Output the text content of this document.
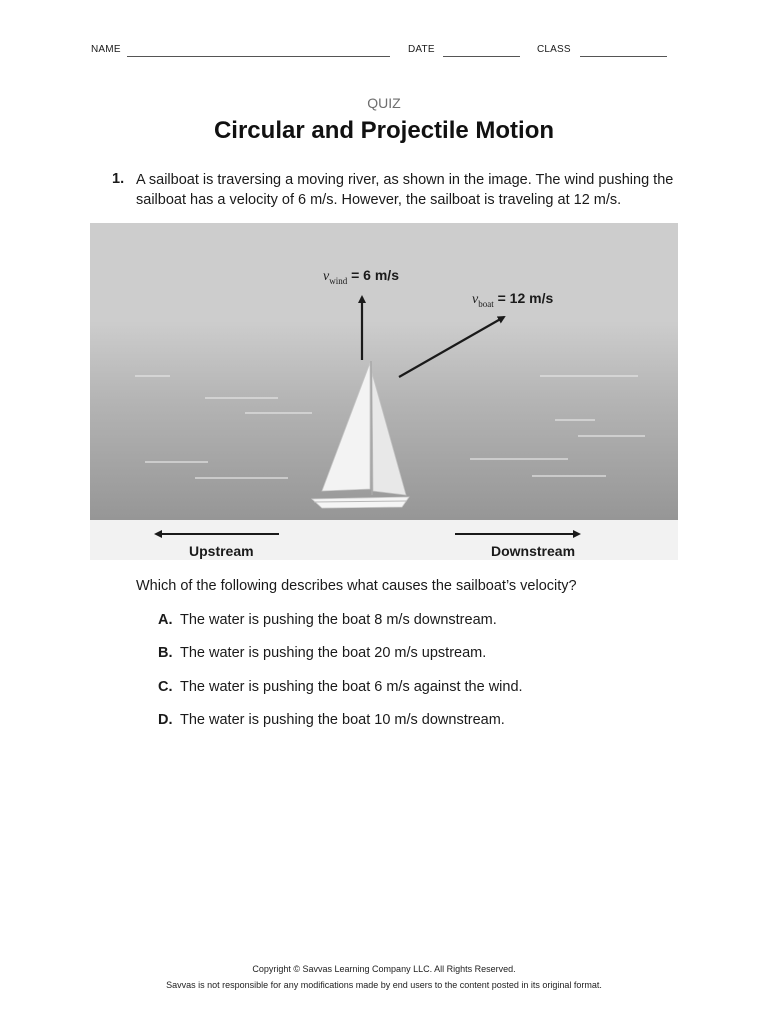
NAME	DATE	CLASS
QUIZ
Circular and Projectile Motion
1. A sailboat is traversing a moving river, as shown in the image. The wind pushing the sailboat has a velocity of 6 m/s. However, the sailboat is traveling at 12 m/s.
$v_{wind} = 6$ m/s
$v_{boat} = 12$ m/s
Upstream	Downstream
Which of the following describes what causes the sailboat’s velocity?
A. The water is pushing the boat 8 m/s downstream.
B. The water is pushing the boat 20 m/s upstream.
C. The water is pushing the boat 6 m/s against the wind.
D. The water is pushing the boat 10 m/s downstream.
Copyright © Savvas Learning Company LLC. All Rights Reserved.
Savvas is not responsible for any modifications made by end users to the content posted in its original format.
